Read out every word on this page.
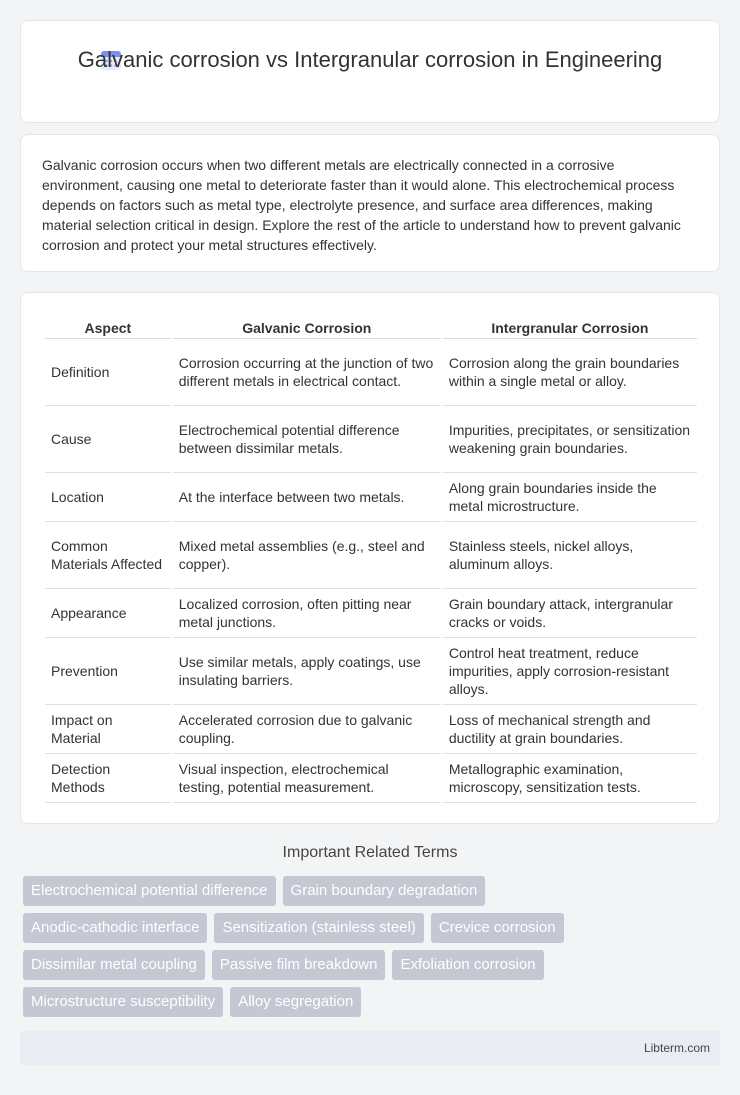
Galvanic corrosion vs Intergranular corrosion in Engineering

Galvanic corrosion occurs when two different metals are electrically connected in a corrosive environment, causing one metal to deteriorate faster than it would alone. This electrochemical process depends on factors such as metal type, electrolyte presence, and surface area differences, making material selection critical in design. Explore the rest of the article to understand how to prevent galvanic corrosion and protect your metal structures effectively.

Aspect	Galvanic Corrosion	Intergranular Corrosion
Definition	Corrosion occurring at the junction of two different metals in electrical contact.	Corrosion along the grain boundaries within a single metal or alloy.
Cause	Electrochemical potential difference between dissimilar metals.	Impurities, precipitates, or sensitization weakening grain boundaries.
Location	At the interface between two metals.	Along grain boundaries inside the metal microstructure.
Common Materials Affected	Mixed metal assemblies (e.g., steel and copper).	Stainless steels, nickel alloys, aluminum alloys.
Appearance	Localized corrosion, often pitting near metal junctions.	Grain boundary attack, intergranular cracks or voids.
Prevention	Use similar metals, apply coatings, use insulating barriers.	Control heat treatment, reduce impurities, apply corrosion-resistant alloys.
Impact on Material	Accelerated corrosion due to galvanic coupling.	Loss of mechanical strength and ductility at grain boundaries.
Detection Methods	Visual inspection, electrochemical testing, potential measurement.	Metallographic examination, microscopy, sensitization tests.
Important Related Terms
Electrochemical potential difference	Grain boundary degradation
Anodic-cathodic interface	Sensitization (stainless steel)	Crevice corrosion
Dissimilar metal coupling	Passive film breakdown	Exfoliation corrosion
Microstructure susceptibility	Alloy segregation
Libterm.com
